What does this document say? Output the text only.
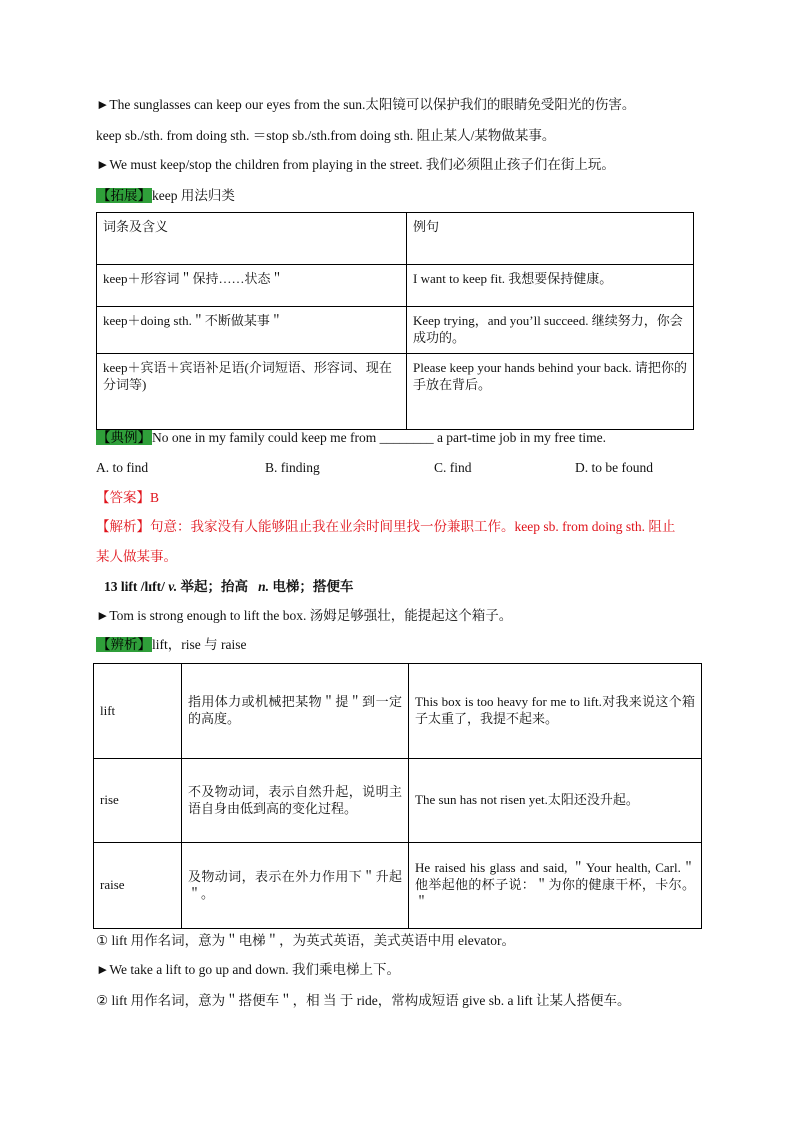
►The sunglasses can keep our eyes from the sun.太阳镜可以保护我们的眼睛免受阳光的伤害。
keep sb./sth. from doing sth. ＝stop sb./sth.from doing sth. 阻止某人/某物做某事。
►We must keep/stop the children from playing in the street. 我们必须阻止孩子们在街上玩。
【拓展】keep 用法归类
词条及含义	例句
keep＋形容词＂保持……状态＂	I want to keep fit. 我想要保持健康。
keep＋doing sth.＂不断做某事＂	Keep trying，and you’ll succeed. 继续努力，你会成功的。
keep＋宾语＋宾语补足语(介词短语、形容词、现在分词等)	Please keep your hands behind your back. 请把你的手放在背后。
【典例】No one in my family could keep me from ________ a part-time job in my free time.
A. to find	B. finding	C. find	D. to be found
【答案】B
【解析】句意：我家没有人能够阻止我在业余时间里找一份兼职工作。keep sb. from doing sth. 阻止
某人做某事。
13 lift /lɪft/ v. 举起；抬高 n. 电梯；搭便车
►Tom is strong enough to lift the box. 汤姆足够强壮，能提起这个箱子。
【辨析】lift，rise 与 raise
lift	指用体力或机械把某物＂提＂到一定的高度。	This box is too heavy for me to lift.对我来说这个箱子太重了，我提不起来。
rise	不及物动词，表示自然升起，说明主语自身由低到高的变化过程。	The sun has not risen yet.太阳还没升起。
raise	及物动词，表示在外力作用下＂升起＂。	He raised his glass and said, ＂Your health, Carl.＂他举起他的杯子说：＂为你的健康干杯，卡尔。＂
① lift 用作名词，意为＂电梯＂，为英式英语，美式英语中用 elevator。
►We take a lift to go up and down. 我们乘电梯上下。
② lift 用作名词，意为＂搭便车＂，相 当 于 ride，常构成短语 give sb. a lift 让某人搭便车。
